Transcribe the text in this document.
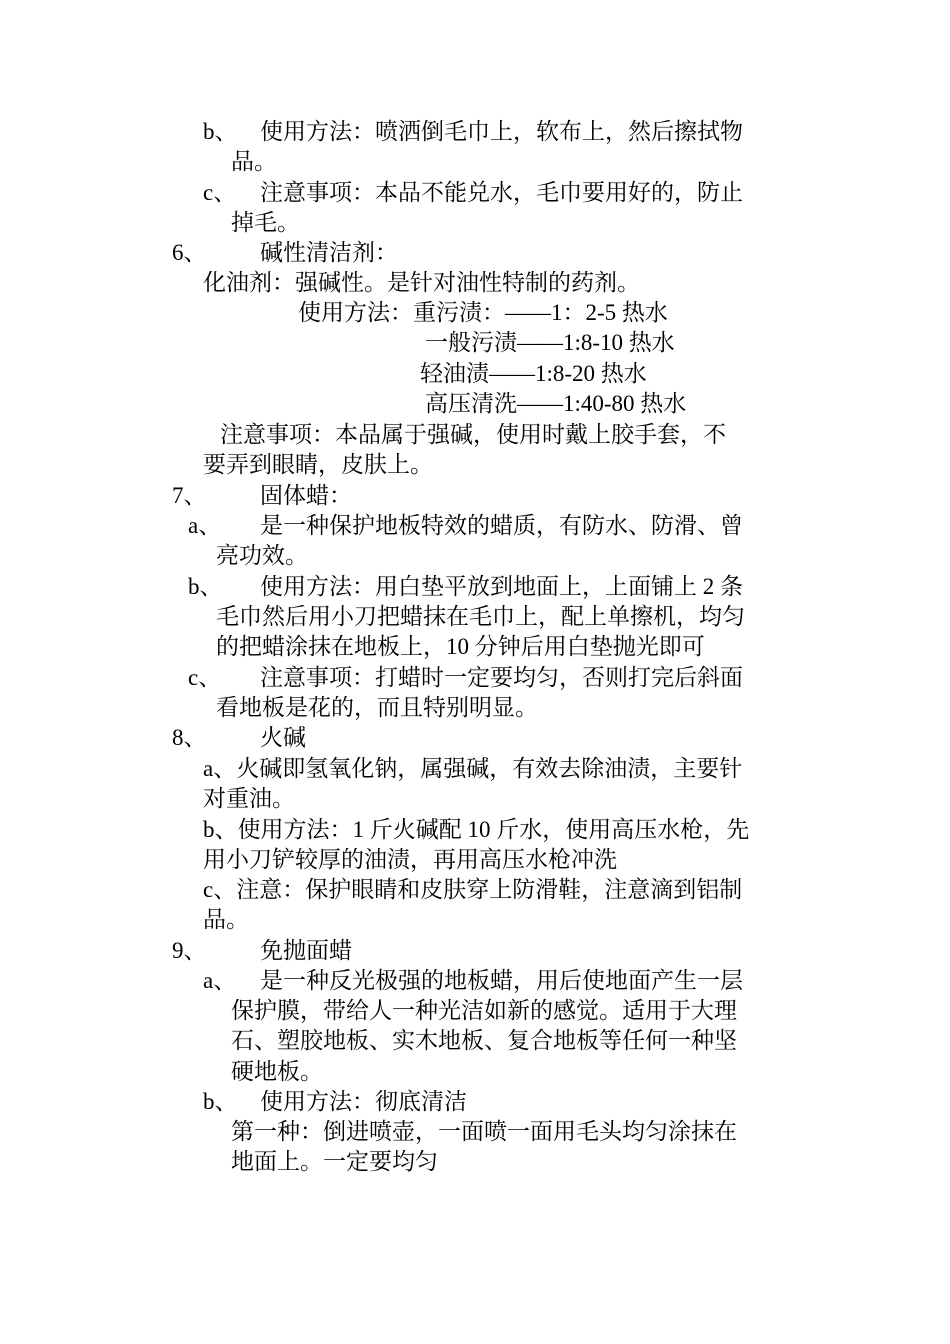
b、 使用方法：喷洒倒毛巾上，软布上，然后擦拭物
品。
c、 注意事项：本品不能兑水，毛巾要用好的，防止
掉毛。
6、 碱性清洁剂：
化油剂：强碱性。是针对油性特制的药剂。
使用方法：重污渍：——1：2-5 热水
一般污渍——1:8-10 热水
轻油渍——1:8-20 热水
高压清洗——1:40-80 热水
注意事项：本品属于强碱，使用时戴上胶手套，不
要弄到眼睛，皮肤上。
7、 固体蜡：
a、 是一种保护地板特效的蜡质，有防水、防滑、曾
亮功效。
b、 使用方法：用白垫平放到地面上，上面铺上 2 条
毛巾然后用小刀把蜡抹在毛巾上，配上单擦机，均匀
的把蜡涂抹在地板上，10 分钟后用白垫抛光即可
c、 注意事项：打蜡时一定要均匀，否则打完后斜面
看地板是花的，而且特别明显。
8、 火碱
a、火碱即氢氧化钠，属强碱，有效去除油渍，主要针
对重油。
b、使用方法：1 斤火碱配 10 斤水，使用高压水枪，先
用小刀铲较厚的油渍，再用高压水枪冲洗
c、注意：保护眼睛和皮肤穿上防滑鞋，注意滴到铝制
品。
9、 免抛面蜡
a、 是一种反光极强的地板蜡，用后使地面产生一层
保护膜，带给人一种光洁如新的感觉。适用于大理
石、塑胶地板、实木地板、复合地板等任何一种坚
硬地板。
b、 使用方法：彻底清洁
第一种：倒进喷壶，一面喷一面用毛头均匀涂抹在
地面上。一定要均匀
